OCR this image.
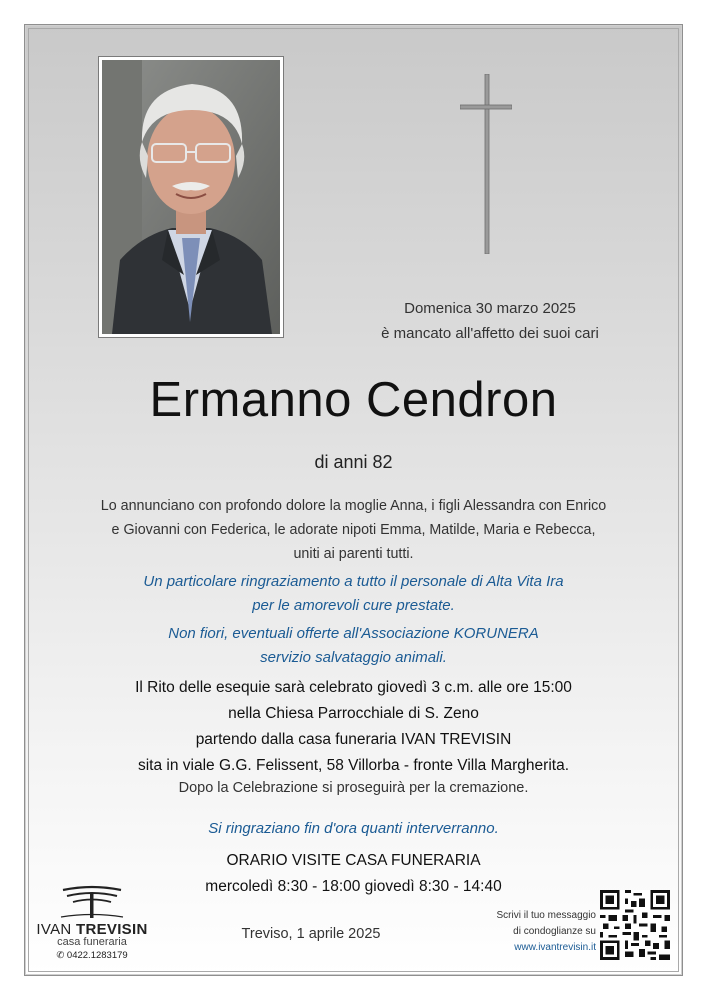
Domenica 30 marzo 2025
è mancato all'affetto dei suoi cari
Ermanno Cendron
di anni 82
Lo annunciano con profondo dolore la moglie Anna, i figli Alessandra con Enrico
e Giovanni con Federica, le adorate nipoti Emma, Matilde, Maria e Rebecca,
uniti ai parenti tutti.
Un particolare ringraziamento a tutto il personale di Alta Vita Ira
per le amorevoli cure prestate.
Non fiori, eventuali offerte all'Associazione KORUNERA
servizio salvataggio animali.
Il Rito delle esequie sarà celebrato giovedì 3 c.m. alle ore 15:00
nella Chiesa Parrocchiale di S. Zeno
partendo dalla casa funeraria IVAN TREVISIN
sita in viale G.G. Felissent, 58 Villorba - fronte Villa Margherita.
Dopo la Celebrazione si proseguirà per la cremazione.
Si ringraziano fin d'ora quanti interverranno.
ORARIO VISITE CASA FUNERARIA
mercoledì 8:30 - 18:00 giovedì 8:30 - 14:40
IVAN TREVISIN
casa funeraria
✆ 0422.1283179
Treviso, 1 aprile 2025
Scrivi il tuo messaggio
di condoglianze su
www.ivantrevisin.it
